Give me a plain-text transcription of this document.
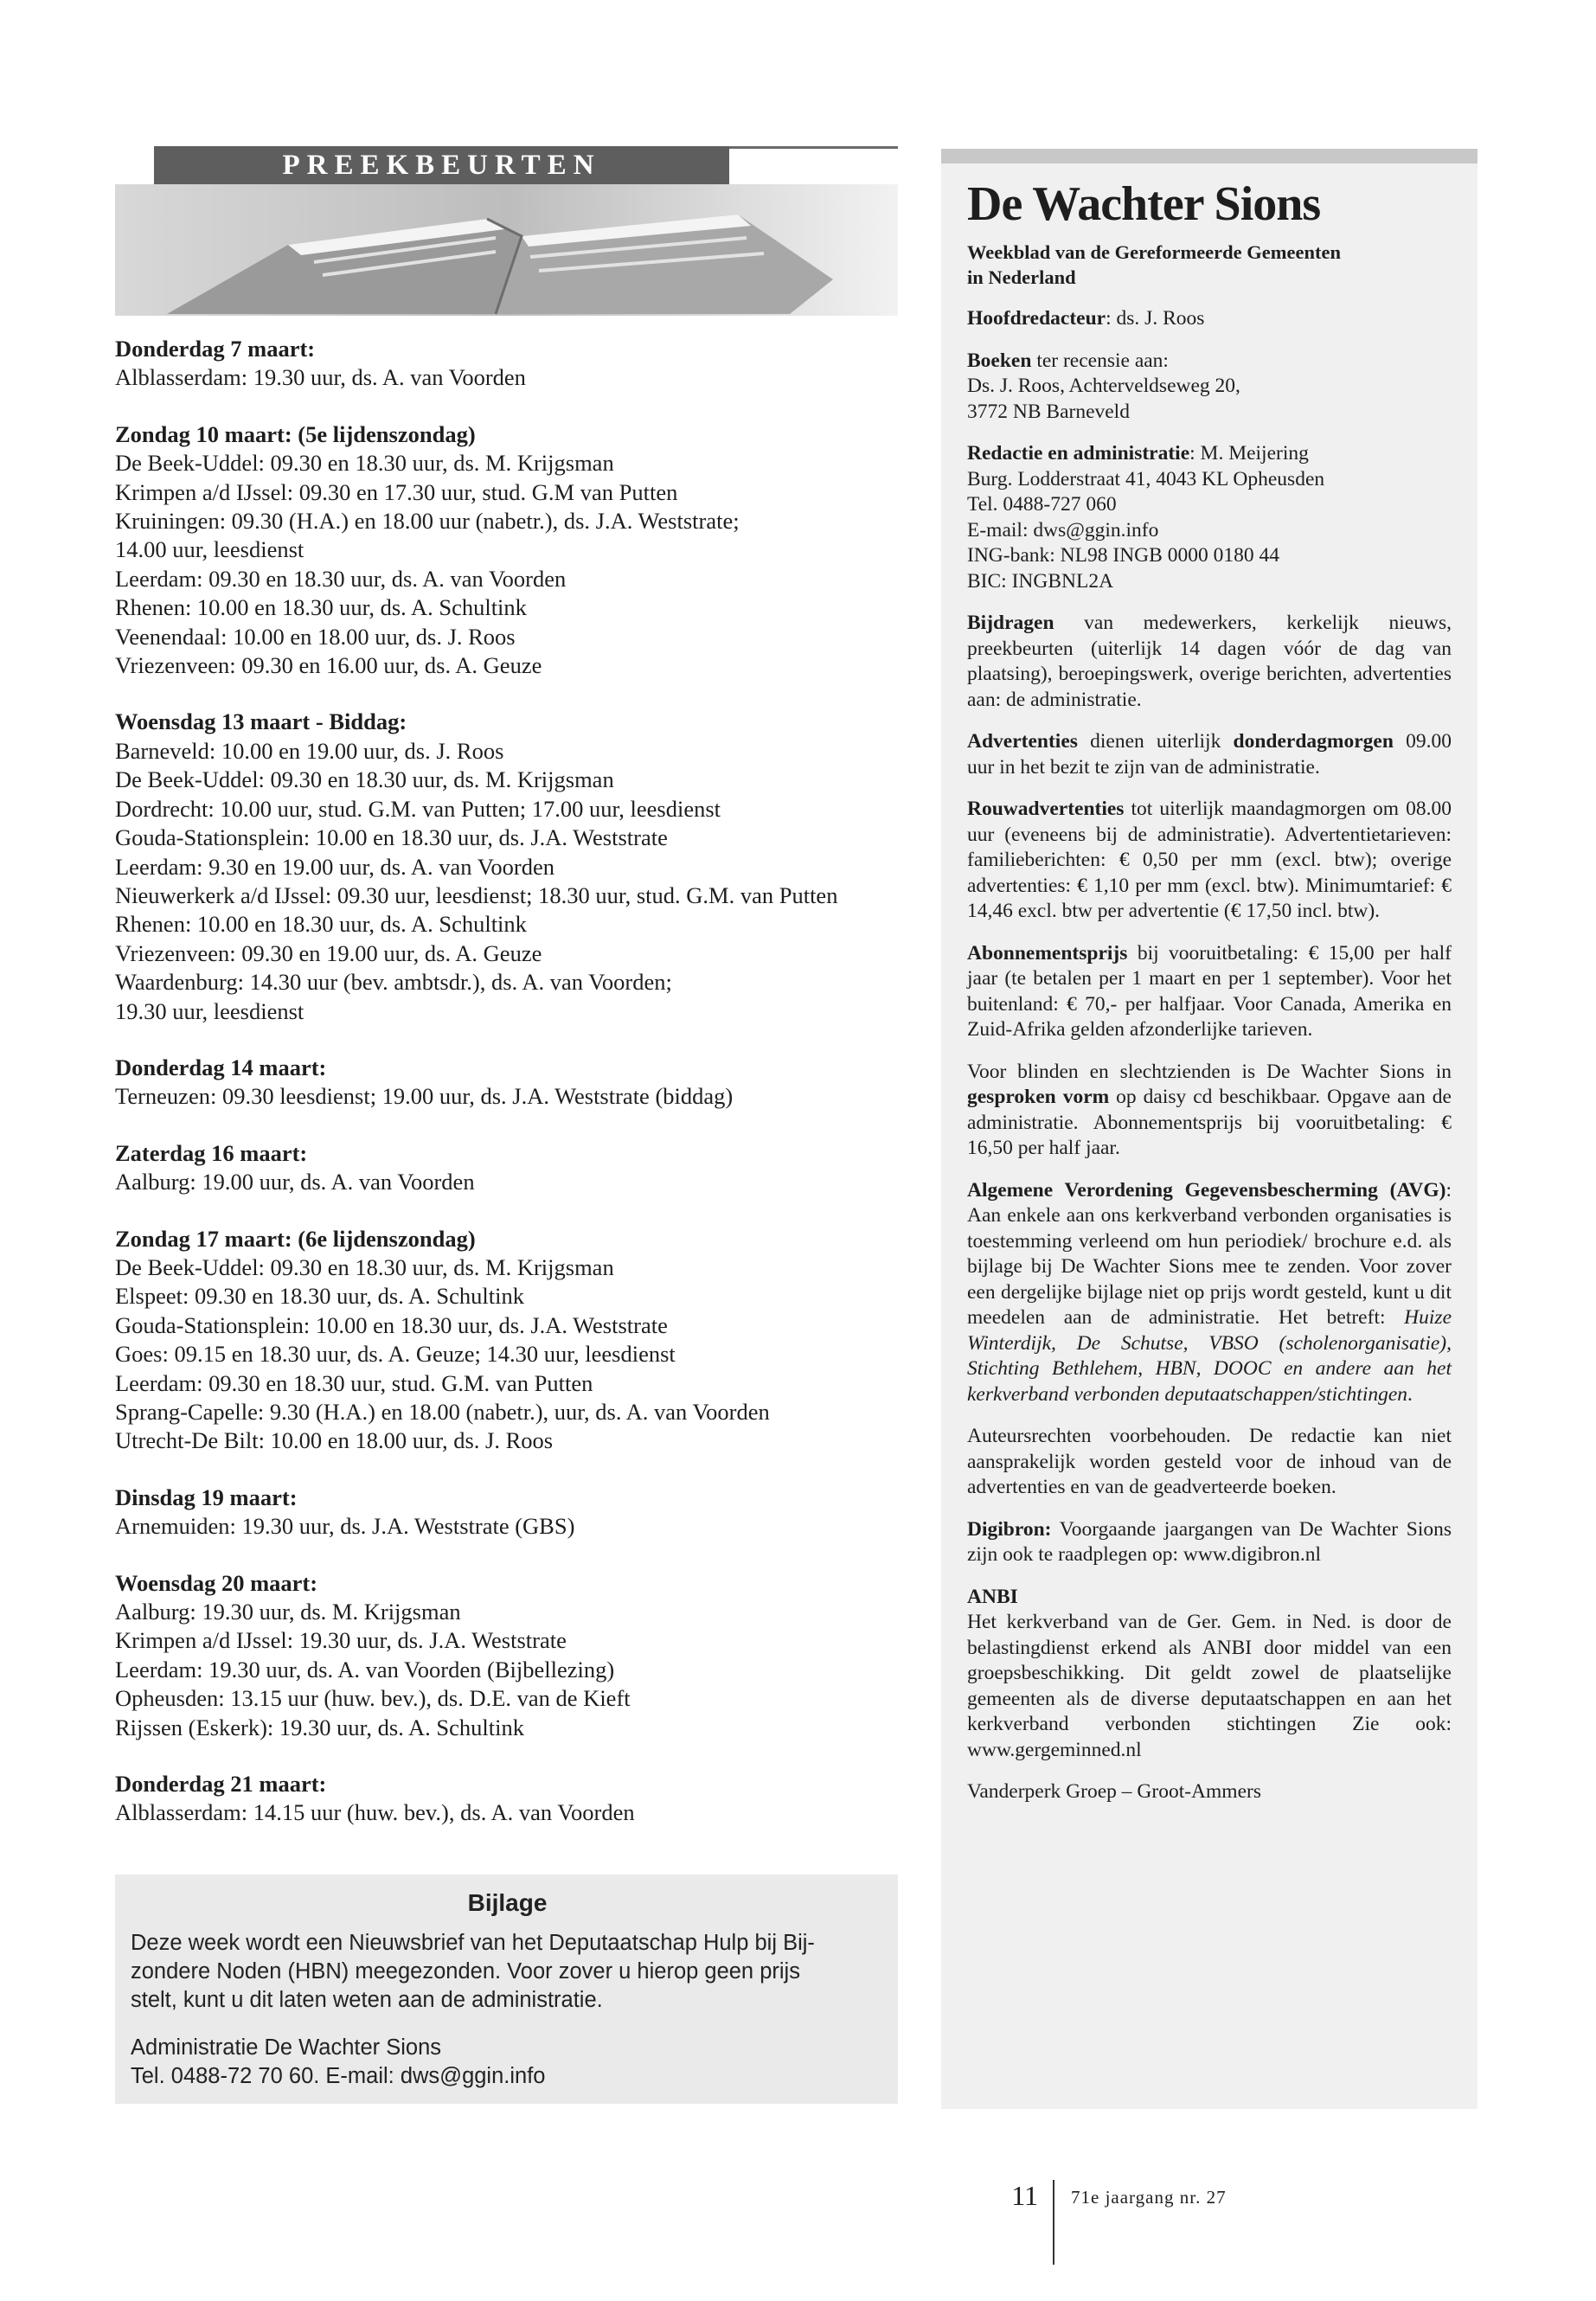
PREEKBEURTEN
Donderdag 7 maart:
Alblasserdam: 19.30 uur, ds. A. van Voorden
Zondag 10 maart: (5e lijdenszondag)
De Beek-Uddel: 09.30 en 18.30 uur, ds. M. Krijgsman
Krimpen a/d IJssel: 09.30 en 17.30 uur, stud. G.M van Putten
Kruiningen: 09.30 (H.A.) en 18.00 uur (nabetr.), ds. J.A. Weststrate;
14.00 uur, leesdienst
Leerdam: 09.30 en 18.30 uur, ds. A. van Voorden
Rhenen: 10.00 en 18.30 uur, ds. A. Schultink
Veenendaal: 10.00 en 18.00 uur, ds. J. Roos
Vriezenveen: 09.30 en 16.00 uur, ds. A. Geuze
Woensdag 13 maart - Biddag:
Barneveld: 10.00 en 19.00 uur, ds. J. Roos
De Beek-Uddel: 09.30 en 18.30 uur, ds. M. Krijgsman
Dordrecht: 10.00 uur, stud. G.M. van Putten; 17.00 uur, leesdienst
Gouda-Stationsplein: 10.00 en 18.30 uur, ds. J.A. Weststrate
Leerdam: 9.30 en 19.00 uur, ds. A. van Voorden
Nieuwerkerk a/d IJssel: 09.30 uur, leesdienst; 18.30 uur, stud. G.M. van Putten
Rhenen: 10.00 en 18.30 uur, ds. A. Schultink
Vriezenveen: 09.30 en 19.00 uur, ds. A. Geuze
Waardenburg: 14.30 uur (bev. ambtsdr.), ds. A. van Voorden;
19.30 uur, leesdienst
Donderdag 14 maart:
Terneuzen: 09.30 leesdienst; 19.00 uur, ds. J.A. Weststrate (biddag)
Zaterdag 16 maart:
Aalburg: 19.00 uur, ds. A. van Voorden
Zondag 17 maart: (6e lijdenszondag)
De Beek-Uddel: 09.30 en 18.30 uur, ds. M. Krijgsman
Elspeet: 09.30 en 18.30 uur, ds. A. Schultink
Gouda-Stationsplein: 10.00 en 18.30 uur, ds. J.A. Weststrate
Goes: 09.15 en 18.30 uur, ds. A. Geuze; 14.30 uur, leesdienst
Leerdam: 09.30 en 18.30 uur, stud. G.M. van Putten
Sprang-Capelle: 9.30 (H.A.) en 18.00 (nabetr.), uur, ds. A. van Voorden
Utrecht-De Bilt: 10.00 en 18.00 uur, ds. J. Roos
Dinsdag 19 maart:
Arnemuiden: 19.30 uur, ds. J.A. Weststrate (GBS)
Woensdag 20 maart:
Aalburg: 19.30 uur, ds. M. Krijgsman
Krimpen a/d IJssel: 19.30 uur, ds. J.A. Weststrate
Leerdam: 19.30 uur, ds. A. van Voorden (Bijbellezing)
Opheusden: 13.15 uur (huw. bev.), ds. D.E. van de Kieft
Rijssen (Eskerk): 19.30 uur, ds. A. Schultink
Donderdag 21 maart:
Alblasserdam: 14.15 uur (huw. bev.), ds. A. van Voorden
Bijlage

Deze week wordt een Nieuwsbrief van het Deputaatschap Hulp bij Bij-

zondere Noden (HBN) meegezonden. Voor zover u hierop geen prijs

stelt, kunt u dit laten weten aan de administratie.

Administratie De Wachter Sions

Tel. 0488-72 70 60. E-mail: dws@ggin.info

De Wachter Sions
Weekblad van de Gereformeerde Gemeenten
in Nederland
Hoofdredacteur: ds. J. Roos
Boeken ter recensie aan:
Ds. J. Roos, Achterveldseweg 20,
3772 NB Barneveld
Redactie en administratie: M. Meijering
Burg. Lodderstraat 41, 4043 KL Opheusden
Tel. 0488-727 060
E-mail: dws@ggin.info
ING-bank: NL98 INGB 0000 0180 44
BIC: INGBNL2A
Bijdragen van medewerkers, kerkelijk nieuws, preekbeurten (uiterlijk 14 dagen vóór de dag van plaatsing), beroepingswerk, overige berichten, advertenties aan: de administratie.
Advertenties dienen uiterlijk donderdagmorgen 09.00 uur in het bezit te zijn van de administratie.
Rouwadvertenties tot uiterlijk maandagmorgen om 08.00 uur (eveneens bij de administratie). Advertentietarieven: familieberichten: € 0,50 per mm (excl. btw); overige advertenties: € 1,10 per mm (excl. btw). Minimumtarief: € 14,46 excl. btw per advertentie (€ 17,50 incl. btw).
Abonnementsprijs bij vooruitbetaling: € 15,00 per half jaar (te betalen per 1 maart en per 1 september). Voor het buitenland: € 70,- per halfjaar. Voor Canada, Amerika en Zuid-Afrika gelden afzonderlijke tarieven.
Voor blinden en slechtzienden is De Wachter Sions in gesproken vorm op daisy cd beschikbaar. Opgave aan de administratie. Abonnementsprijs bij vooruitbetaling: € 16,50 per half jaar.
Algemene Verordening Gegevensbescherming (AVG): Aan enkele aan ons kerkverband verbonden organisaties is toestemming verleend om hun periodiek/ brochure e.d. als bijlage bij De Wachter Sions mee te zenden. Voor zover een dergelijke bijlage niet op prijs wordt gesteld, kunt u dit meedelen aan de administratie. Het betreft: Huize Winterdijk, De Schutse, VBSO (scholenorganisatie), Stichting Bethlehem, HBN, DOOC en andere aan het kerkverband verbonden deputaatschappen/stichtingen.
Auteursrechten voorbehouden. De redactie kan niet aansprakelijk worden gesteld voor de inhoud van de advertenties en van de geadverteerde boeken.
Digibron: Voorgaande jaargangen van De Wachter Sions zijn ook te raadplegen op: www.digibron.nl
ANBI
Het kerkverband van de Ger. Gem. in Ned. is door de belastingdienst erkend als ANBI door middel van een groepsbeschikking. Dit geldt zowel de plaatselijke gemeenten als de diverse deputaatschappen en aan het kerkverband verbonden stichtingen Zie ook: www.gergeminned.nl
Vanderperk Groep – Groot-Ammers
11 71e jaargang nr. 27
